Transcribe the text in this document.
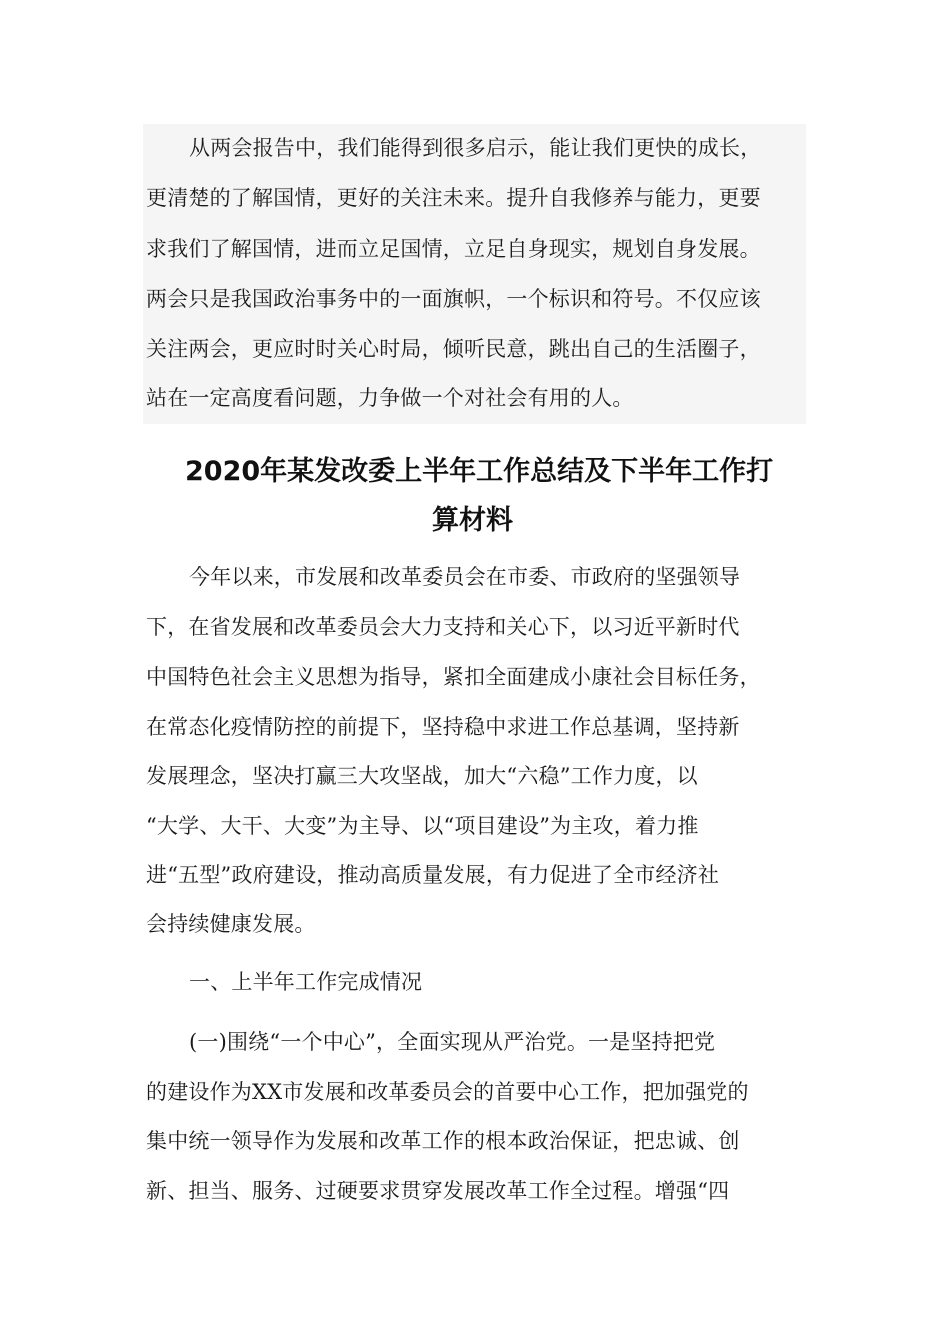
从两会报告中，我们能得到很多启示，能让我们更快的成长，
更清楚的了解国情，更好的关注未来。提升自我修养与能力，更要
求我们了解国情，进而立足国情，立足自身现实，规划自身发展。
两会只是我国政治事务中的一面旗帜，一个标识和符号。不仅应该
关注两会，更应时时关心时局，倾听民意，跳出自己的生活圈子，
站在一定高度看问题，力争做一个对社会有用的人。
2020年某发改委上半年工作总结及下半年工作打
算材料
今年以来，市发展和改革委员会在市委、市政府的坚强领导
下，在省发展和改革委员会大力支持和关心下，以习近平新时代
中国特色社会主义思想为指导，紧扣全面建成小康社会目标任务，
在常态化疫情防控的前提下，坚持稳中求进工作总基调，坚持新
发展理念，坚决打赢三大攻坚战，加大“六稳”工作力度，以
“大学、大干、大变”为主导、以“项目建设”为主攻，着力推
进“五型”政府建设，推动高质量发展，有力促进了全市经济社
会持续健康发展。
一、上半年工作完成情况
(一)围绕“一个中心”，全面实现从严治党。一是坚持把党
的建设作为XX市发展和改革委员会的首要中心工作，把加强党的
集中统一领导作为发展和改革工作的根本政治保证，把忠诚、创
新、担当、服务、过硬要求贯穿发展改革工作全过程。增强“四
